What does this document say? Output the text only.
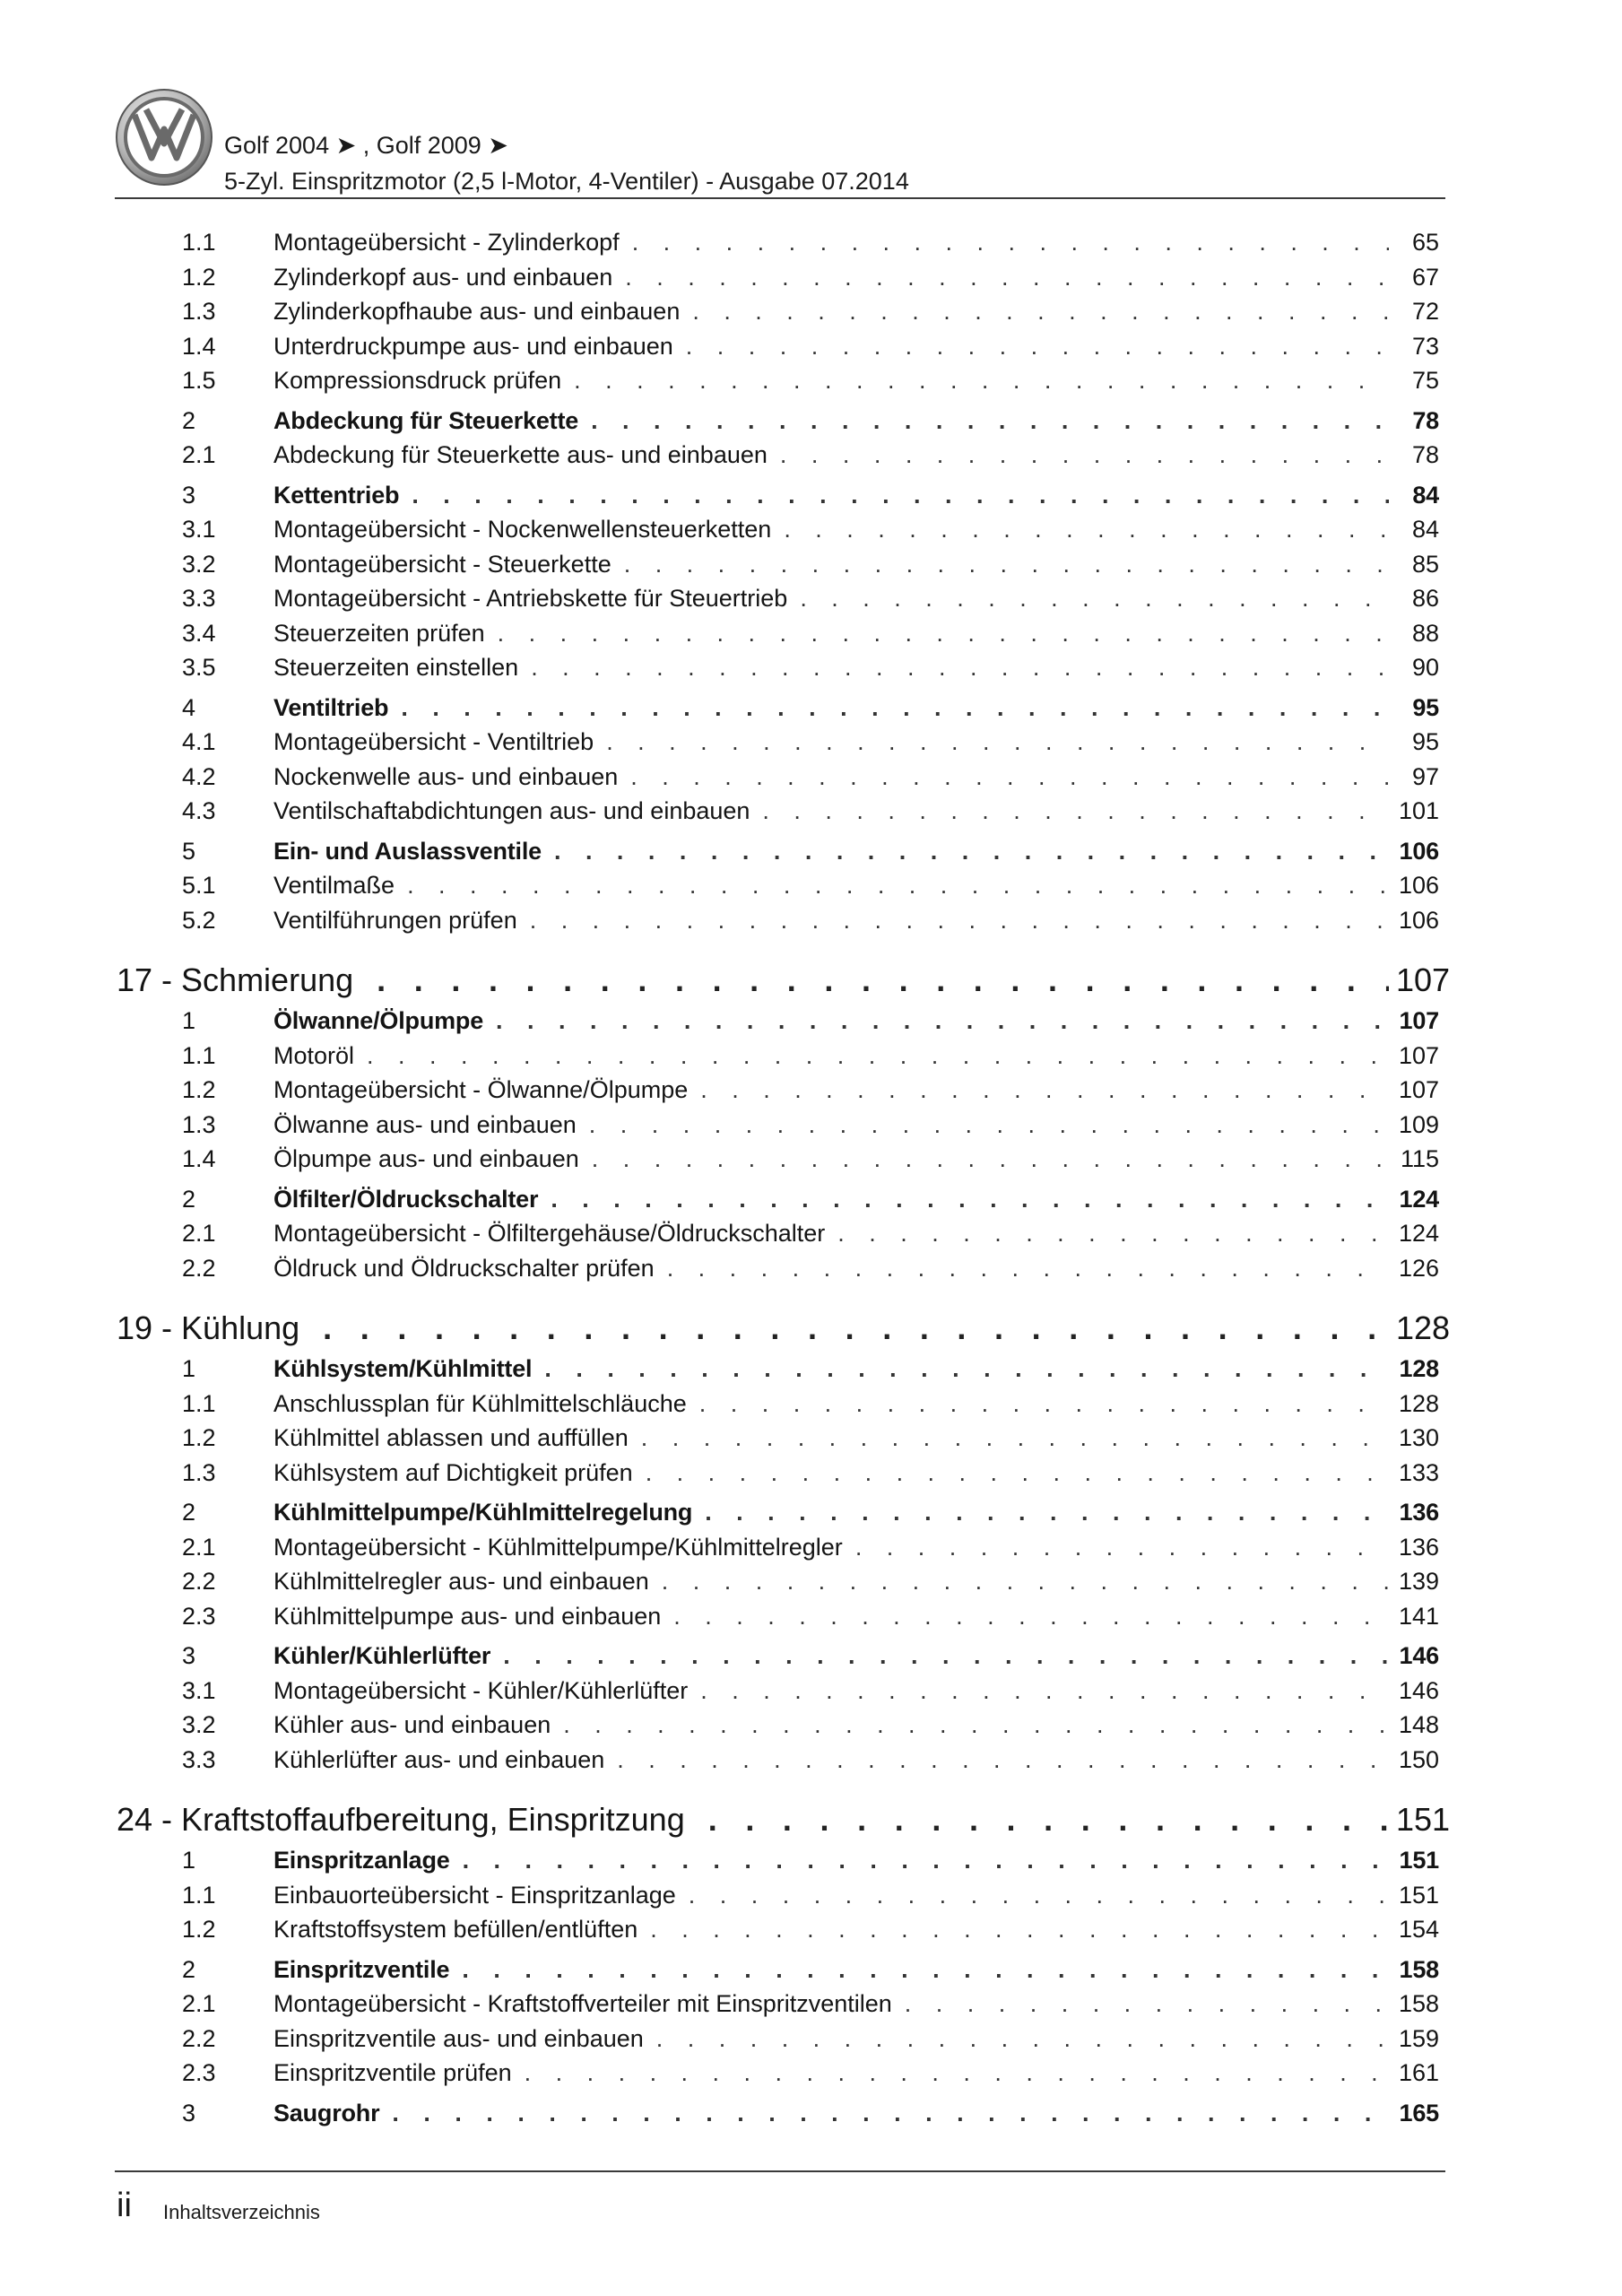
Golf 2004 ➤ , Golf 2009 ➤
5-Zyl. Einspritzmotor (2,5 l-Motor, 4-Ventiler) - Ausgabe 07.2014
1.1	Montageübersicht - Zylinderkopf . . .	65
1.2	Zylinderkopf aus- und einbauen . . .	67
1.3	Zylinderkopfhaube aus- und einbauen . . .	72
1.4	Unterdruckpumpe aus- und einbauen . . .	73
1.5	Kompressionsdruck prüfen . . .	75
2	Abdeckung für Steuerkette . . .	78
2.1	Abdeckung für Steuerkette aus- und einbauen . . .	78
3	Kettentrieb . . .	84
3.1	Montageübersicht - Nockenwellensteuerketten . . .	84
3.2	Montageübersicht - Steuerkette . . .	85
3.3	Montageübersicht - Antriebskette für Steuertrieb . . .	86
3.4	Steuerzeiten prüfen . . .	88
3.5	Steuerzeiten einstellen . . .	90
4	Ventiltrieb . . .	95
4.1	Montageübersicht - Ventiltrieb . . .	95
4.2	Nockenwelle aus- und einbauen . . .	97
4.3	Ventilschaftabdichtungen aus- und einbauen . . .	101
5	Ein- und Auslassventile . . .	106
5.1	Ventilmaße . . .	106
5.2	Ventilführungen prüfen . . .	106
17 - Schmierung . . .	107
1	Ölwanne/Ölpumpe . . .	107
1.1	Motoröl . . .	107
1.2	Montageübersicht - Ölwanne/Ölpumpe . . .	107
1.3	Ölwanne aus- und einbauen . . .	109
1.4	Ölpumpe aus- und einbauen . . .	115
2	Ölfilter/Öldruckschalter . . .	124
2.1	Montageübersicht - Ölfiltergehäuse/Öldruckschalter . . .	124
2.2	Öldruck und Öldruckschalter prüfen . . .	126
19 - Kühlung . . .	128
1	Kühlsystem/Kühlmittel . . .	128
1.1	Anschlussplan für Kühlmittelschläuche . . .	128
1.2	Kühlmittel ablassen und auffüllen . . .	130
1.3	Kühlsystem auf Dichtigkeit prüfen . . .	133
2	Kühlmittelpumpe/Kühlmittelregelung . . .	136
2.1	Montageübersicht - Kühlmittelpumpe/Kühlmittelregler . . .	136
2.2	Kühlmittelregler aus- und einbauen . . .	139
2.3	Kühlmittelpumpe aus- und einbauen . . .	141
3	Kühler/Kühlerlüfter . . .	146
3.1	Montageübersicht - Kühler/Kühlerlüfter . . .	146
3.2	Kühler aus- und einbauen . . .	148
3.3	Kühlerlüfter aus- und einbauen . . .	150
24 - Kraftstoffaufbereitung, Einspritzung . . .	151
1	Einspritzanlage . . .	151
1.1	Einbauorteübersicht - Einspritzanlage . . .	151
1.2	Kraftstoffsystem befüllen/entlüften . . .	154
2	Einspritzventile . . .	158
2.1	Montageübersicht - Kraftstoffverteiler mit Einspritzventilen . . .	158
2.2	Einspritzventile aus- und einbauen . . .	159
2.3	Einspritzventile prüfen . . .	161
3	Saugrohr . . .	165
ii Inhaltsverzeichnis
